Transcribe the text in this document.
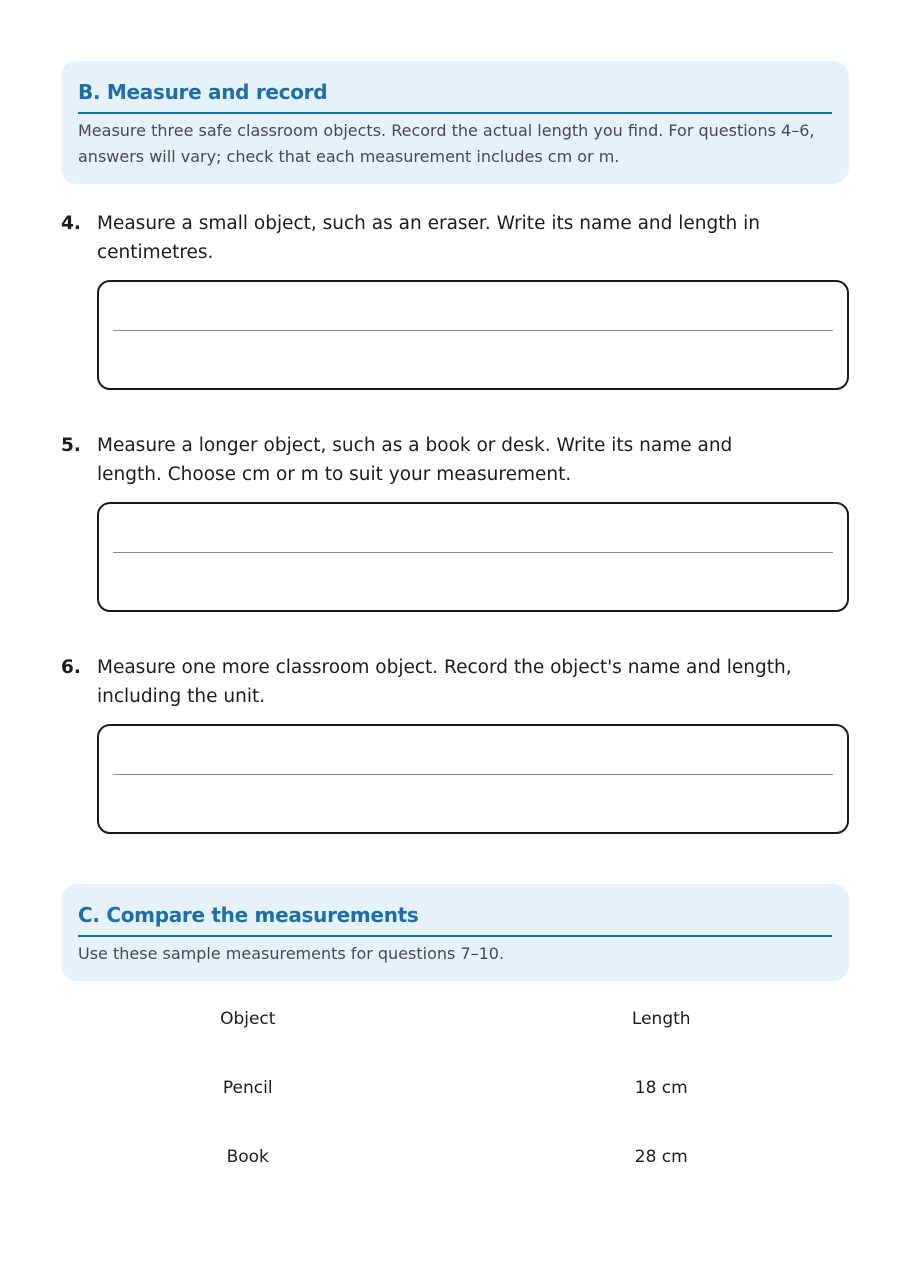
B. Measure and record
Measure three safe classroom objects. Record the actual length you find. For questions 4–6, answers will vary; check that each measurement includes cm or m.
4. Measure a small object, such as an eraser. Write its name and length in centimetres.
5. Measure a longer object, such as a book or desk. Write its name and length. Choose cm or m to suit your measurement.
6. Measure one more classroom object. Record the object's name and length, including the unit.
C. Compare the measurements
Use these sample measurements for questions 7–10.
Object	Length
Pencil	18 cm
Book	28 cm
